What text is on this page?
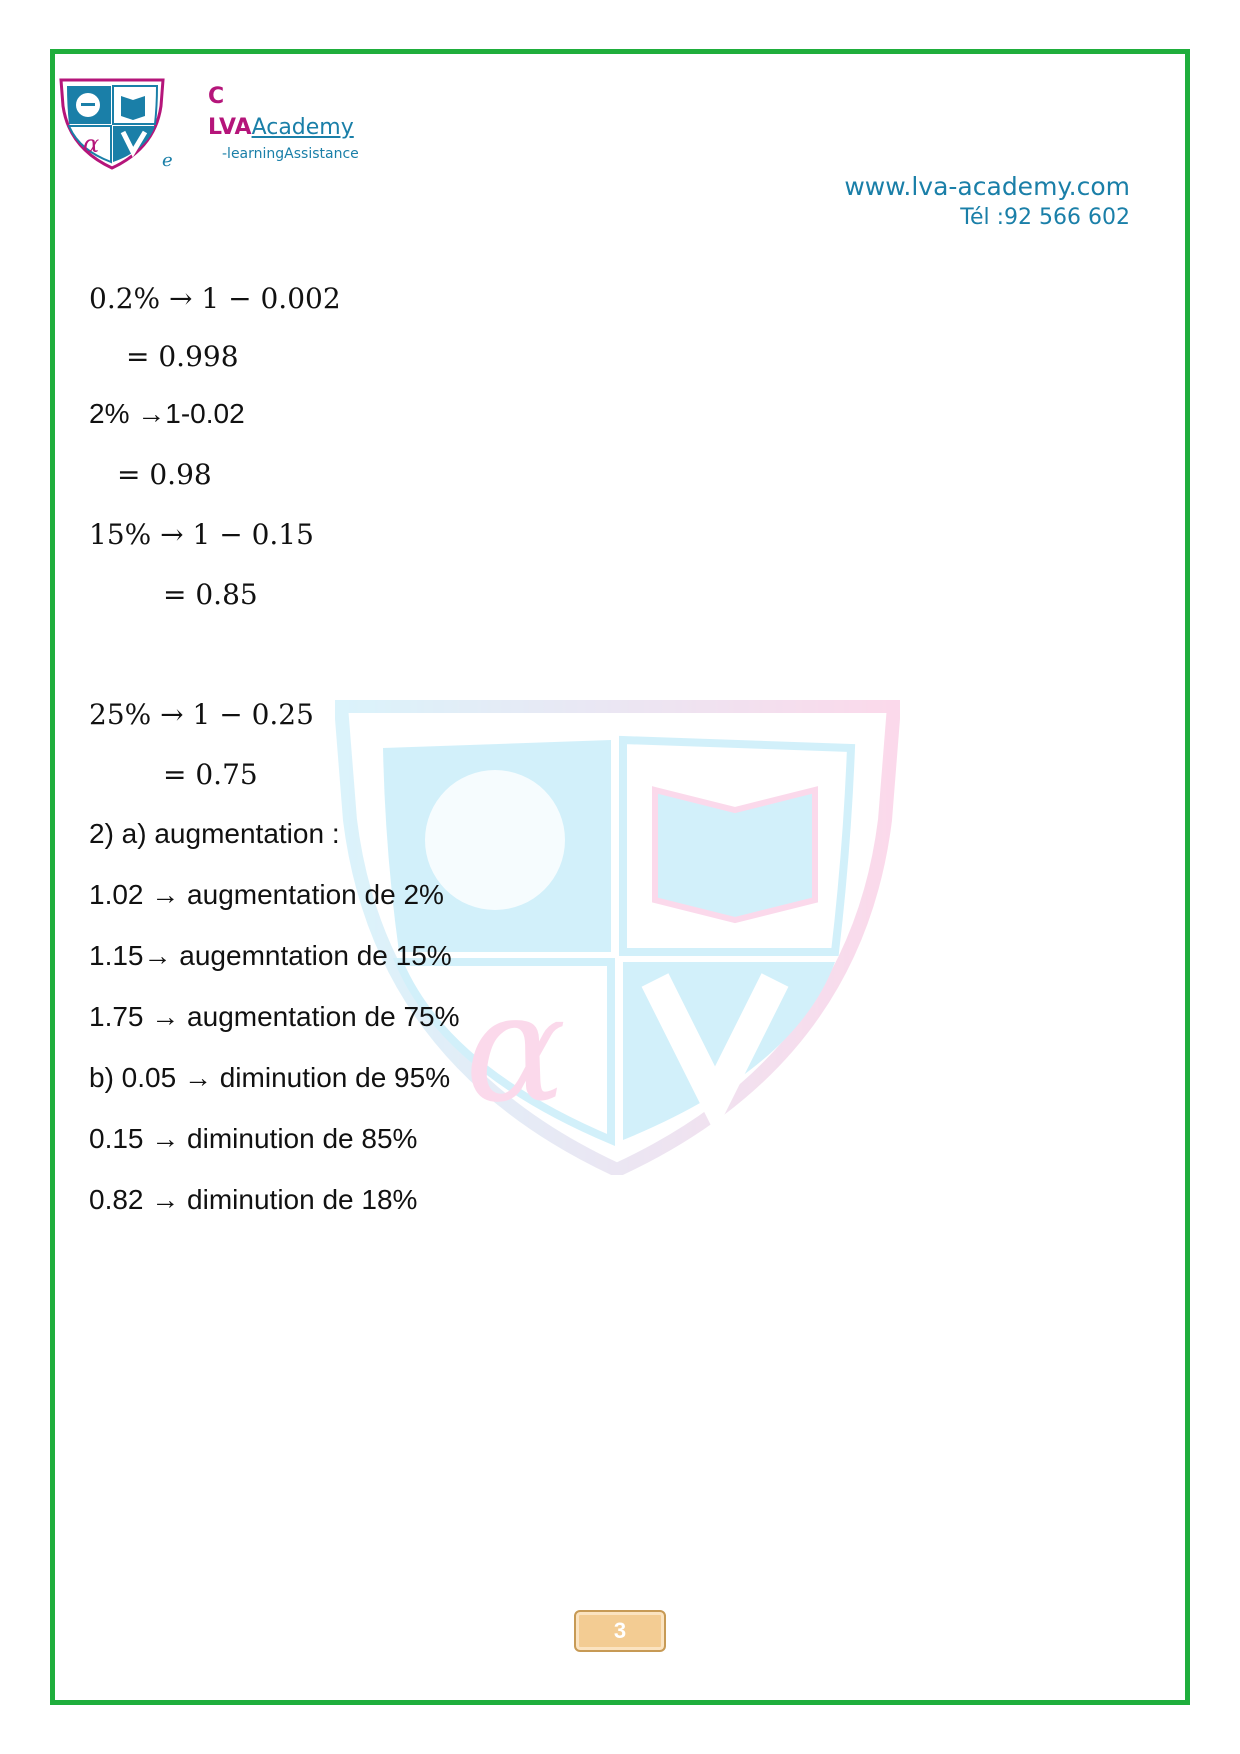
α
C
LVAAcademy
-learningAssistance
e
www.lva-academy.com
Tél :92 566 602
α
0.2% → 1 − 0.002
= 0.998
2% →1-0.02
= 0.98
15% → 1 − 0.15
= 0.85
25% → 1 − 0.25
= 0.75
2) a) augmentation :
1.02 → augmentation de 2%
1.15→ augemntation de 15%
1.75 → augmentation de 75%
b) 0.05 → diminution de 95%
0.15 → diminution de 85%
0.82 → diminution de 18%
3
